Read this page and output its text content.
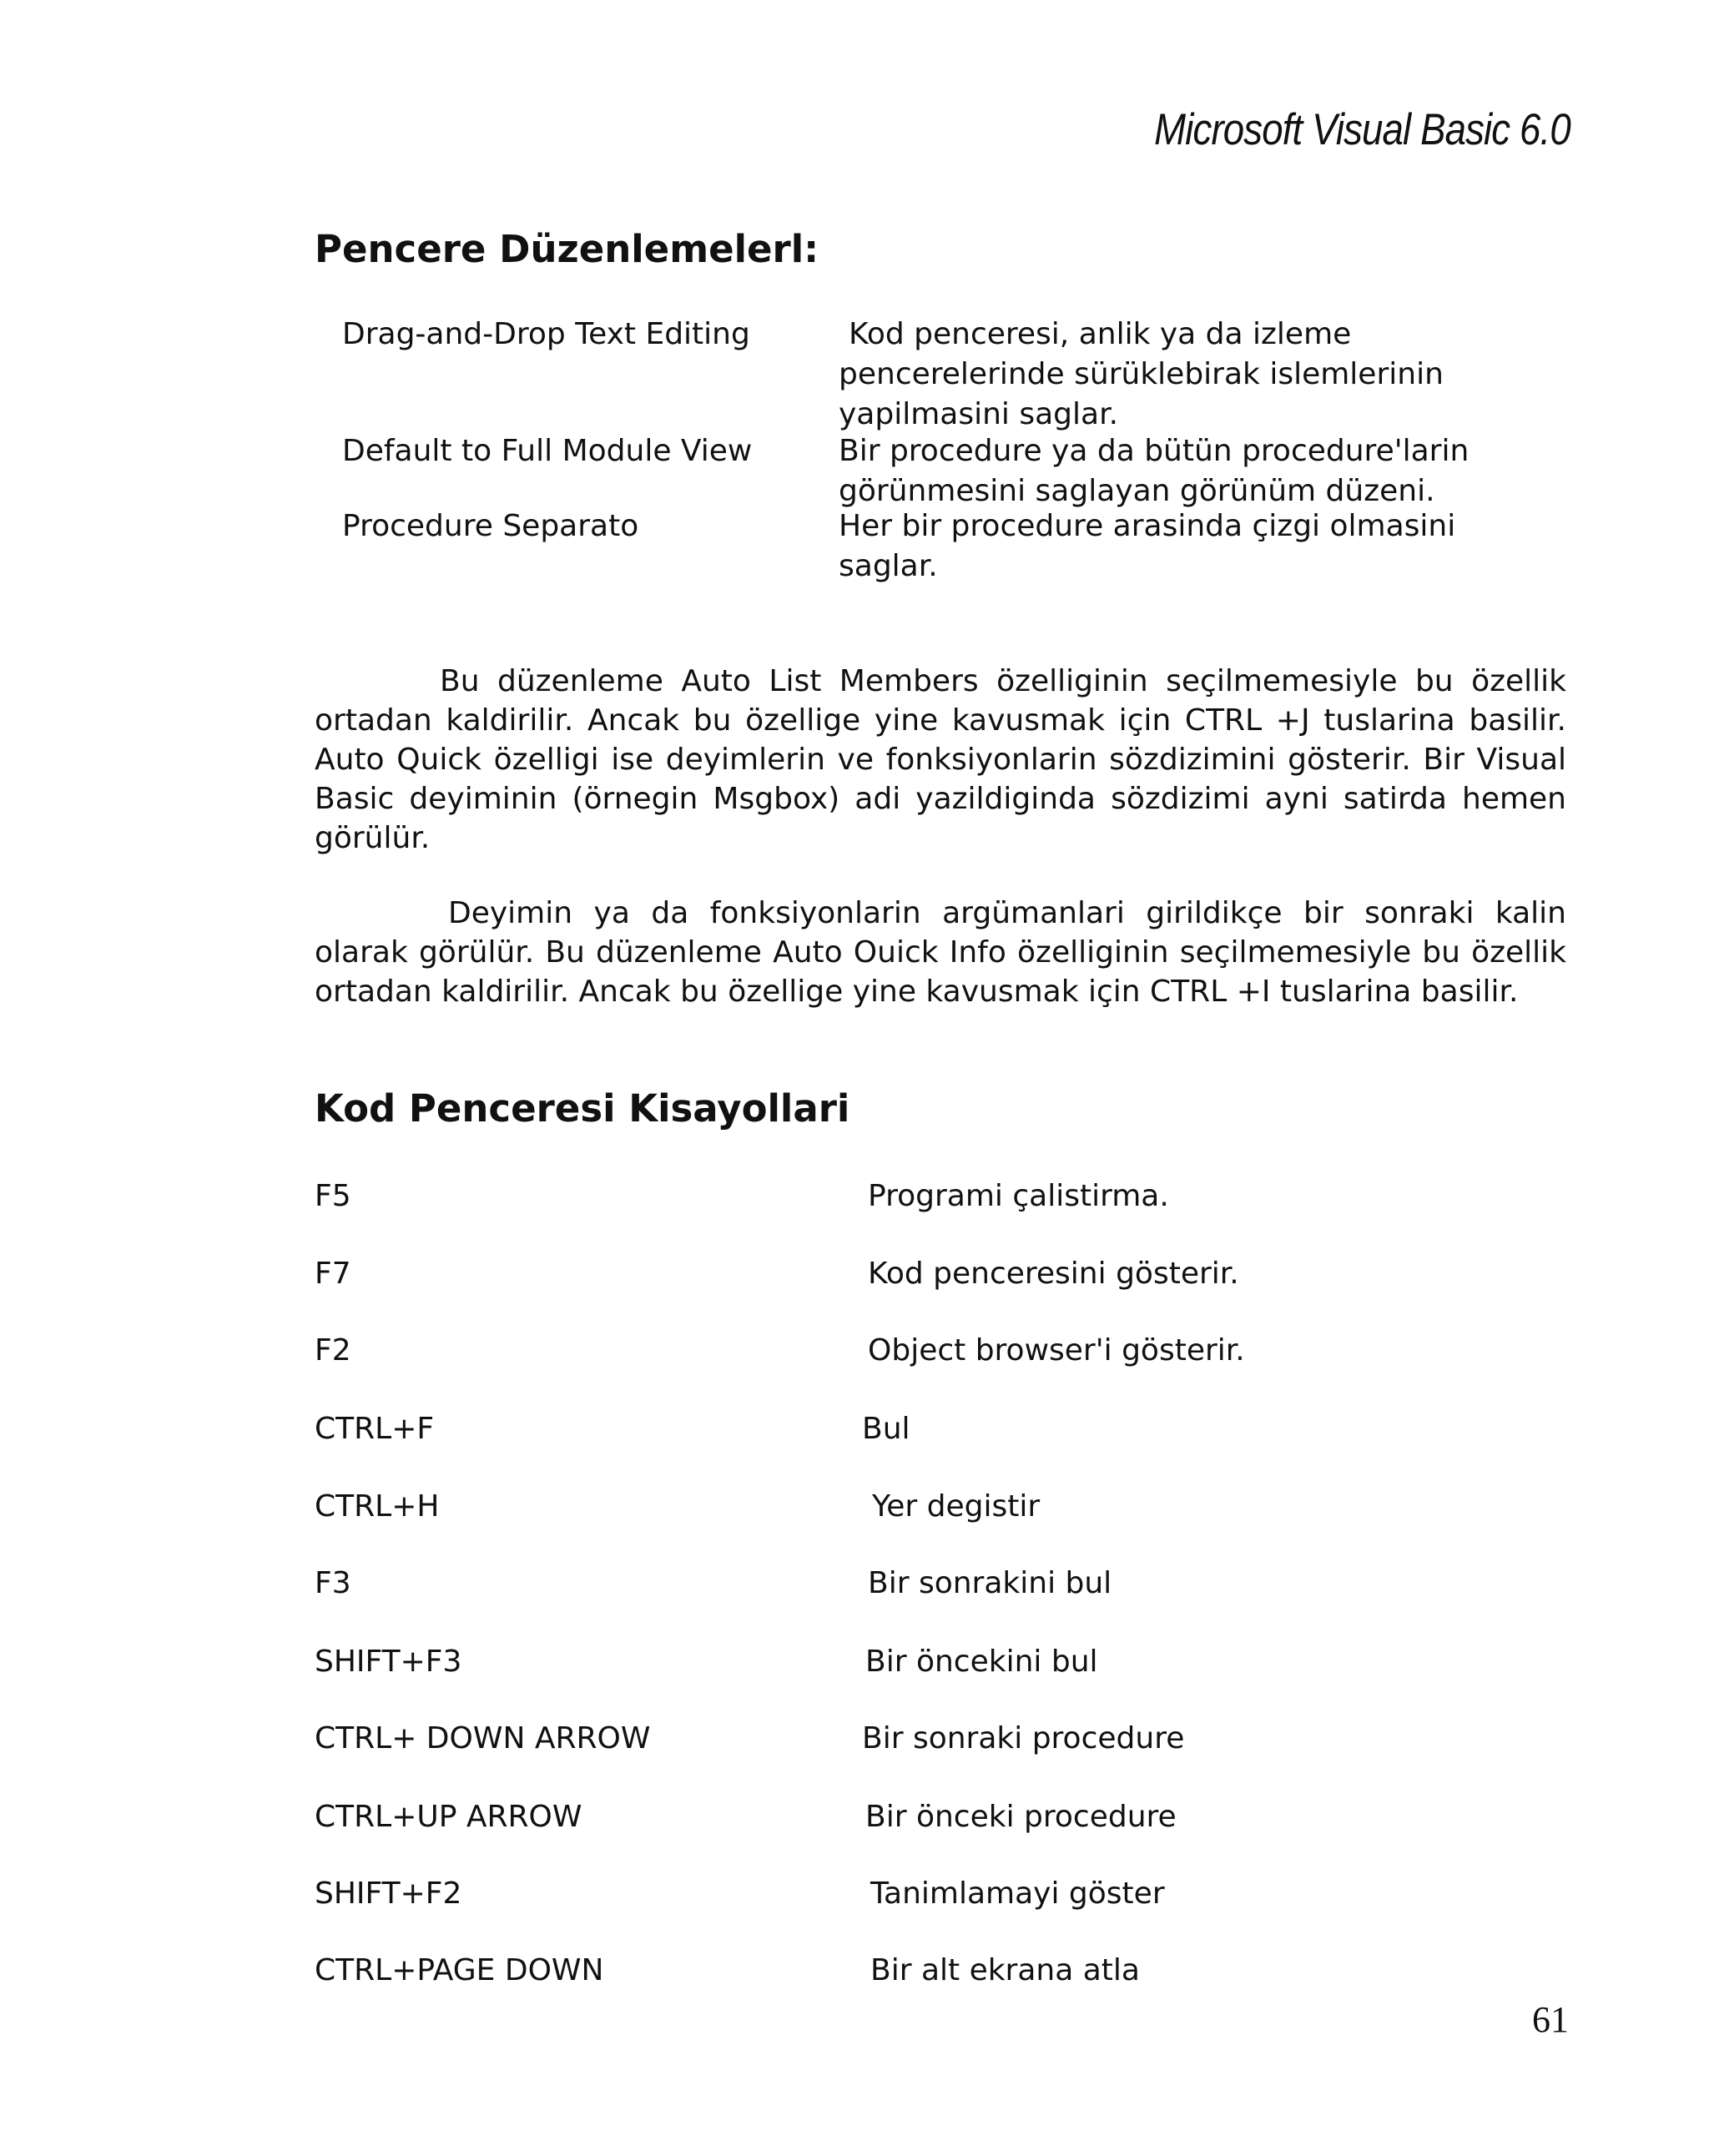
Microsoft Visual Basic 6.0
Pencere Düzenlemelerl:
Drag-and-Drop Text Editing	Kod penceresi, anlik ya da izleme pencerelerinde sürüklebirak islemlerinin yapilmasini saglar.
Default to Full Module View	Bir procedure ya da bütün procedure'larin görünmesini saglayan görünüm düzeni.
Procedure Separato	Her bir procedure arasinda çizgi olmasini saglar.
Bu düzenleme Auto List Members özelliginin seçilmemesiyle bu özellik ortadan kaldirilir. Ancak bu özellige yine kavusmak için CTRL +J tuslarina basilir. Auto Quick özelligi ise deyimlerin ve fonksiyonlarin sözdizimini gösterir. Bir Visual Basic deyiminin (örnegin Msgbox) adi yazildiginda sözdizimi ayni satirda hemen görülür.
Deyimin ya da fonksiyonlarin argümanlari girildikçe bir sonraki kalin olarak görülür. Bu düzenleme Auto Ouick Info özelliginin seçilmemesiyle bu özellik ortadan kaldirilir. Ancak bu özellige yine kavusmak için CTRL +I tuslarina basilir.
Kod Penceresi Kisayollari
F5	Programi çalistirma.
F7	Kod penceresini gösterir.
F2	Object browser'i gösterir.
CTRL+F	Bul
CTRL+H	Yer degistir
F3	Bir sonrakini bul
SHIFT+F3	Bir öncekini bul
CTRL+ DOWN ARROW	Bir sonraki procedure
CTRL+UP ARROW	Bir önceki procedure
SHIFT+F2	Tanimlamayi göster
CTRL+PAGE DOWN	Bir alt ekrana atla
61
